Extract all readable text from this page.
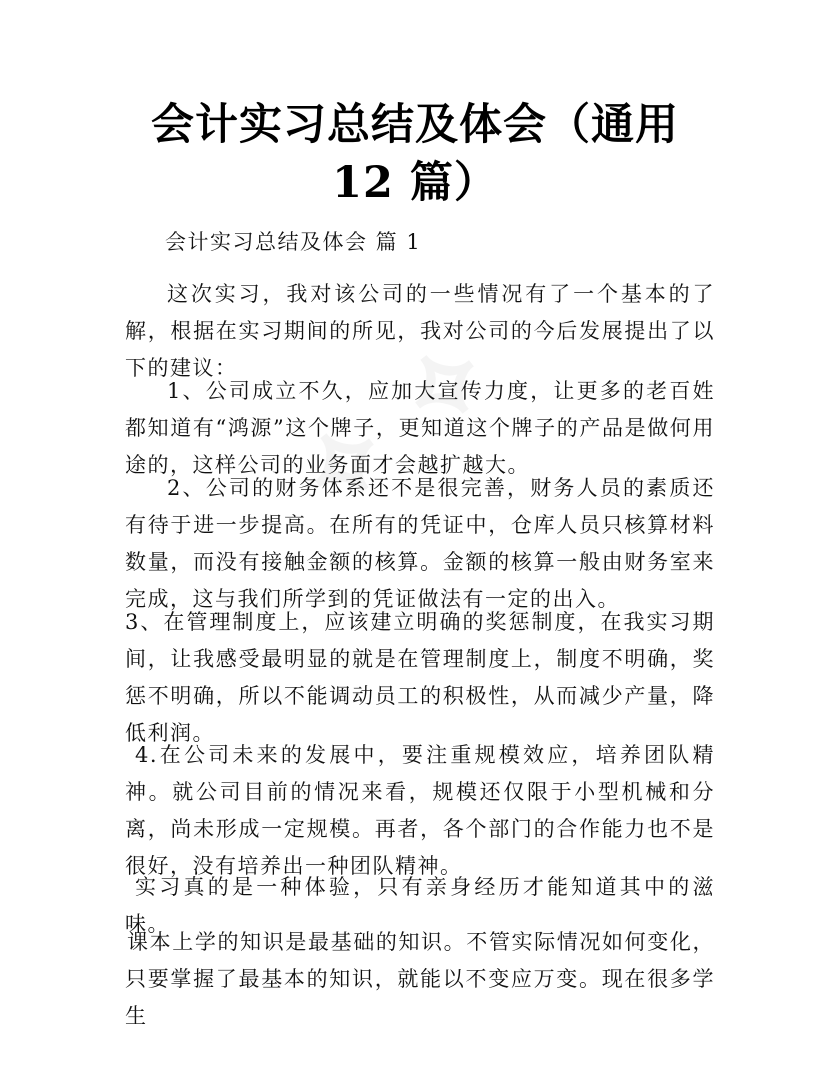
会计实习总结及体会（通用 12 篇）

会计实习总结及体会 篇 1

这次实习，我对该公司的一些情况有了一个基本的了解，根据在实习期间的所见，我对公司的今后发展提出了以下的建议：

1、公司成立不久，应加大宣传力度，让更多的老百姓都知道有“鸿源”这个牌子，更知道这个牌子的产品是做何用途的，这样公司的业务面才会越扩越大。

2、公司的财务体系还不是很完善，财务人员的素质还有待于进一步提高。在所有的凭证中，仓库人员只核算材料数量，而没有接触金额的核算。金额的核算一般由财务室来完成，这与我们所学到的凭证做法有一定的出入。

3、在管理制度上，应该建立明确的奖惩制度，在我实习期间，让我感受最明显的就是在管理制度上，制度不明确，奖惩不明确，所以不能调动员工的积极性，从而减少产量，降低利润。

4.在公司未来的发展中，要注重规模效应，培养团队精神。就公司目前的情况来看，规模还仅限于小型机械和分离，尚未形成一定规模。再者，各个部门的合作能力也不是很好，没有培养出一种团队精神。

实习真的是一种体验，只有亲身经历才能知道其中的滋味。

课本上学的知识是最基础的知识。不管实际情况如何变化，只要掌握了最基本的知识，就能以不变应万变。现在很多学生
